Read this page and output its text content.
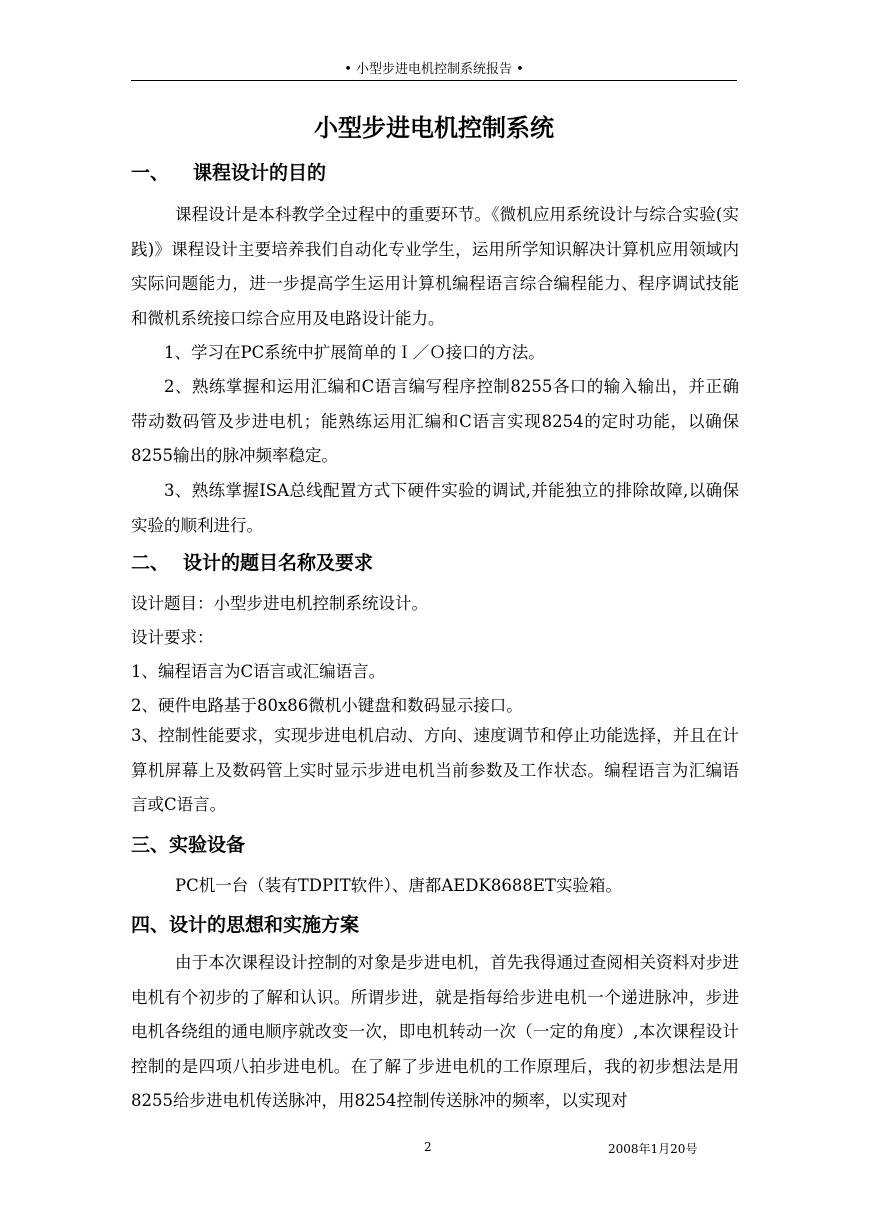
• 小型步进电机控制系统报告 •
小型步进电机控制系统
一、 课程设计的目的
课程设计是本科教学全过程中的重要环节。《微机应用系统设计与综合实验(实践)》课程设计主要培养我们自动化专业学生，运用所学知识解决计算机应用领域内实际问题能力，进一步提高学生运用计算机编程语言综合编程能力、程序调试技能和微机系统接口综合应用及电路设计能力。
1、学习在PC系统中扩展简单的Ｉ／Ｏ接口的方法。
2、熟练掌握和运用汇编和C语言编写程序控制8255各口的输入输出，并正确带动数码管及步进电机；能熟练运用汇编和C语言实现8254的定时功能，以确保8255输出的脉冲频率稳定。
3、熟练掌握ISA总线配置方式下硬件实验的调试,并能独立的排除故障,以确保实验的顺利进行。
二、 设计的题目名称及要求
设计题目：小型步进电机控制系统设计。
设计要求：
1、编程语言为C语言或汇编语言。
2、硬件电路基于80x86微机小键盘和数码显示接口。
3、控制性能要求，实现步进电机启动、方向、速度调节和停止功能选择，并且在计算机屏幕上及数码管上实时显示步进电机当前参数及工作状态。编程语言为汇编语言或C语言。
三、实验设备
PC机一台（装有TDPIT软件）、唐都AEDK8688ET实验箱。
四、设计的思想和实施方案
由于本次课程设计控制的对象是步进电机，首先我得通过查阅相关资料对步进电机有个初步的了解和认识。所谓步进，就是指每给步进电机一个递进脉冲，步进电机各绕组的通电顺序就改变一次，即电机转动一次（一定的角度）,本次课程设计控制的是四项八拍步进电机。在了解了步进电机的工作原理后，我的初步想法是用8255给步进电机传送脉冲，用8254控制传送脉冲的频率，以实现对
2	2008年1月20号
